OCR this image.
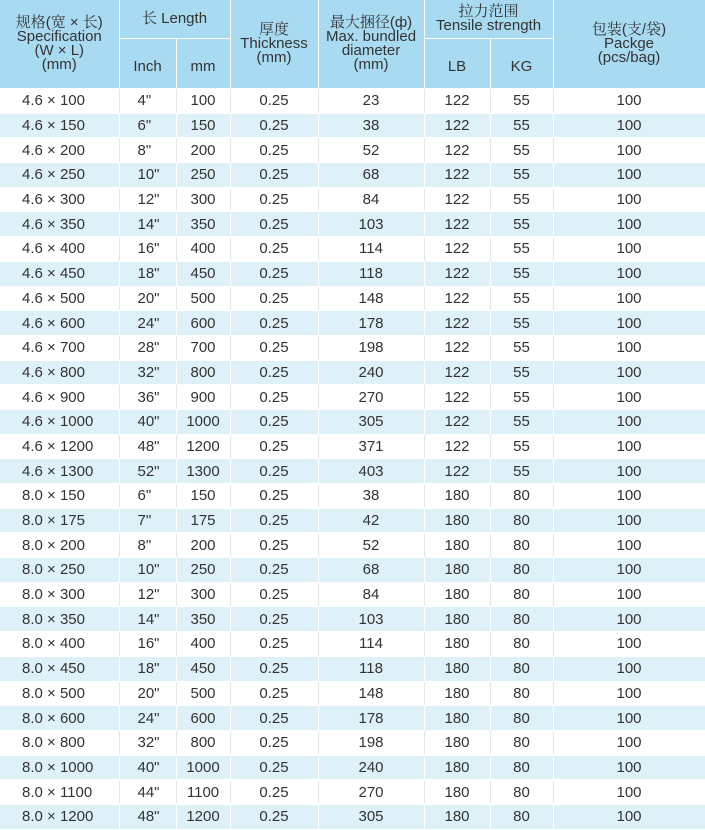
规格(宽 × 长)
Specification
(W × L)
(mm)	长 Length		厚度
Thickness
(mm)	最大捆径(ф)
Max. bundled
diameter
(mm)	拉力范围
Tensile strength		包装(支/袋)
Packge
(pcs/bag)

	Inch	mm			LB	KG	
4.6 × 100	4"	100	0.25	23	122	55	100
4.6 × 150	6"	150	0.25	38	122	55	100
4.6 × 200	8"	200	0.25	52	122	55	100
4.6 × 250	10"	250	0.25	68	122	55	100
4.6 × 300	12"	300	0.25	84	122	55	100
4.6 × 350	14"	350	0.25	103	122	55	100
4.6 × 400	16"	400	0.25	114	122	55	100
4.6 × 450	18"	450	0.25	118	122	55	100
4.6 × 500	20"	500	0.25	148	122	55	100
4.6 × 600	24"	600	0.25	178	122	55	100
4.6 × 700	28"	700	0.25	198	122	55	100
4.6 × 800	32"	800	0.25	240	122	55	100
4.6 × 900	36"	900	0.25	270	122	55	100
4.6 × 1000	40"	1000	0.25	305	122	55	100
4.6 × 1200	48"	1200	0.25	371	122	55	100
4.6 × 1300	52"	1300	0.25	403	122	55	100
8.0 × 150	6"	150	0.25	38	180	80	100
8.0 × 175	7"	175	0.25	42	180	80	100
8.0 × 200	8"	200	0.25	52	180	80	100
8.0 × 250	10"	250	0.25	68	180	80	100
8.0 × 300	12"	300	0.25	84	180	80	100
8.0 × 350	14"	350	0.25	103	180	80	100
8.0 × 400	16"	400	0.25	114	180	80	100
8.0 × 450	18"	450	0.25	118	180	80	100
8.0 × 500	20"	500	0.25	148	180	80	100
8.0 × 600	24"	600	0.25	178	180	80	100
8.0 × 800	32"	800	0.25	198	180	80	100
8.0 × 1000	40"	1000	0.25	240	180	80	100
8.0 × 1100	44"	1100	0.25	270	180	80	100
8.0 × 1200	48"	1200	0.25	305	180	80	100
